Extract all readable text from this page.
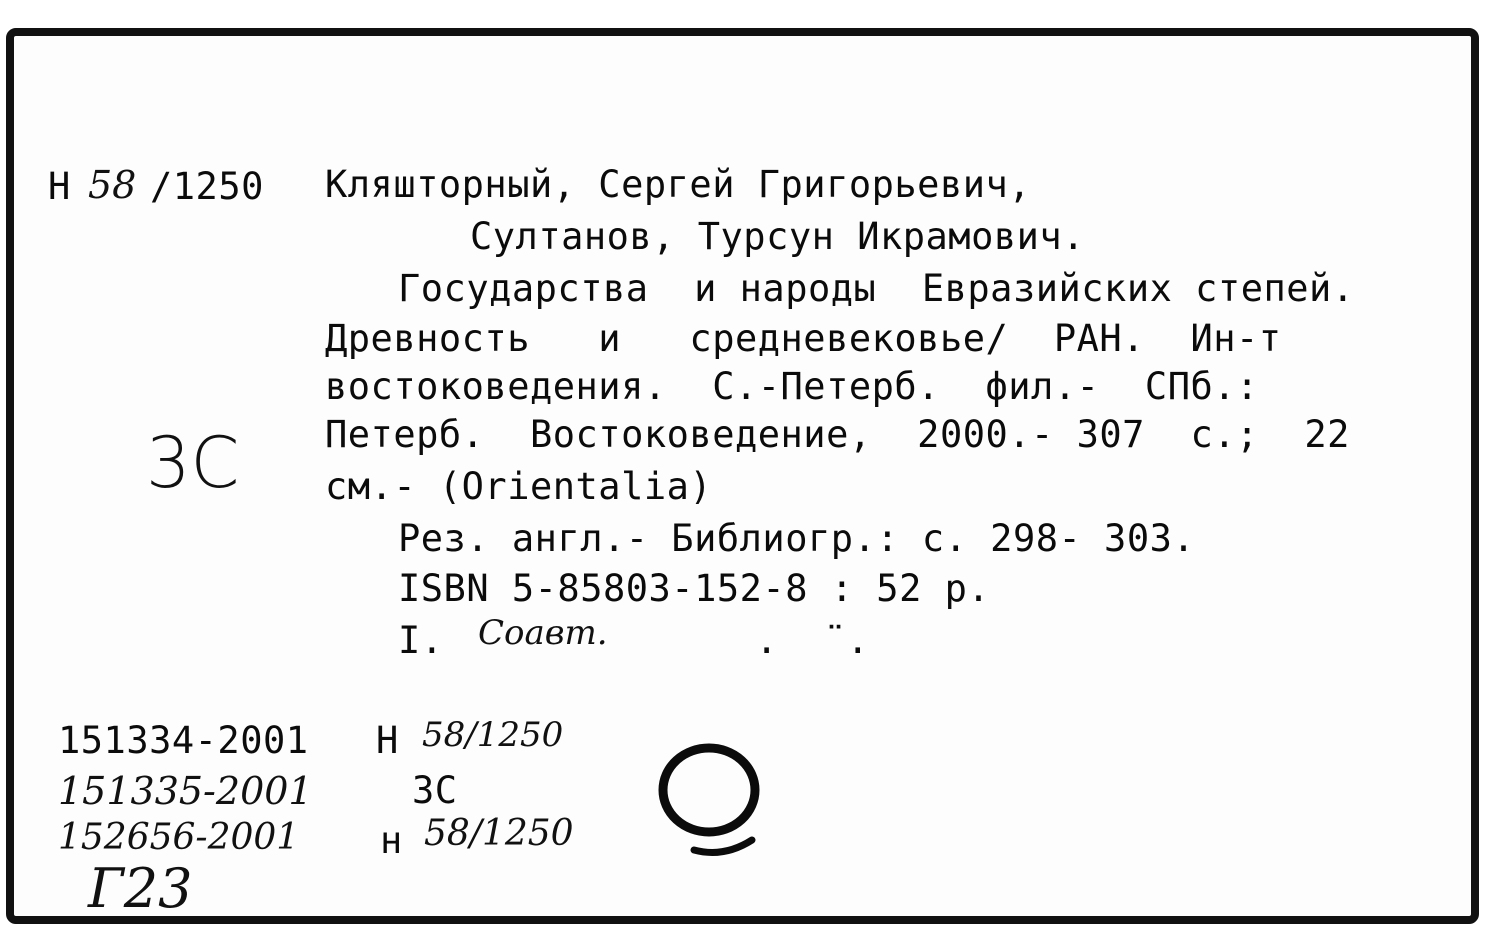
Н 58 /1250 Кляшторный, Сергей Григорьевич,
Султанов, Турсун Икрамович.
Государства  и народы  Евразийских степей.
Древность   и   средневековье/  РАН.  Ин-т
востоковедения.  С.-Петерб.  фил.-  СПб.:
Петерб.  Востоковедение,  2000.- 307  с.;  22
см.- (Orientalia)
Рез. англ.- Библиогр.: с. 298- 303.
ISBN 5-85803-152-8 : 52 р.
I. Соавт.	.  ¨.
3С
151334-2001 Н 58/1250
151335-2001	3С
152656-2001 н 58/1250
Г23
